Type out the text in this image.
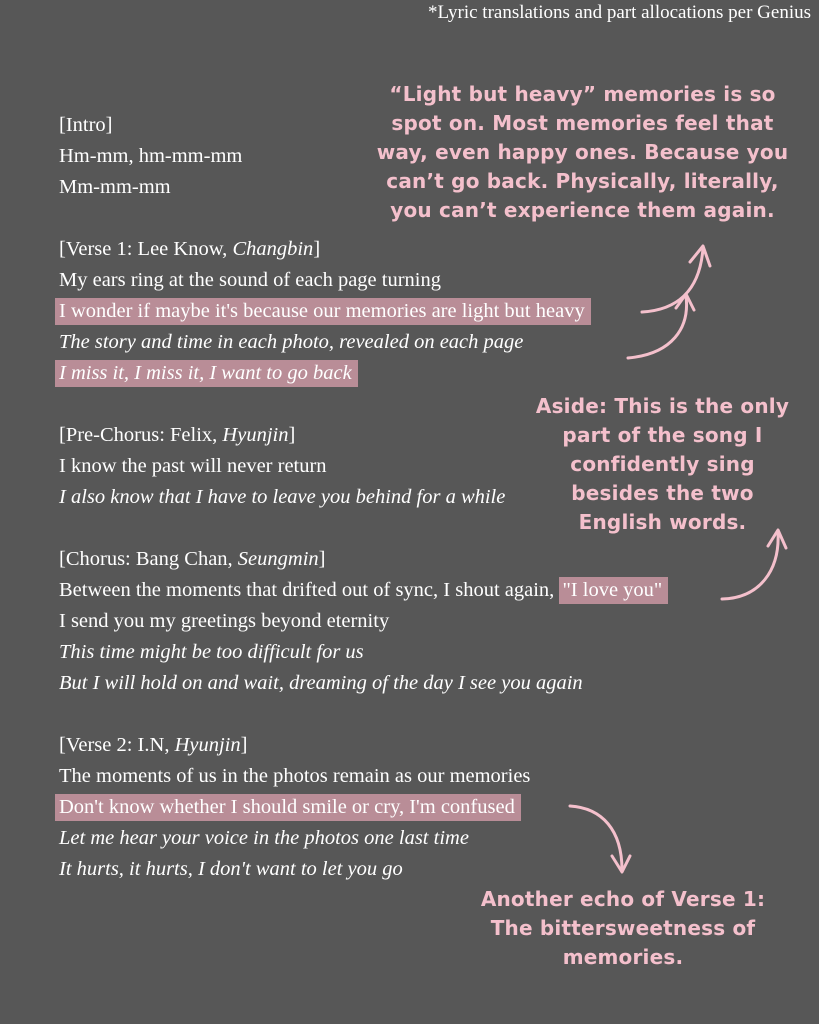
*Lyric translations and part allocations per Genius
[Intro]
Hm-mm, hm-mm-mm
Mm-mm-mm
[Verse 1: Lee Know, Changbin]
My ears ring at the sound of each page turning
I wonder if maybe it's because our memories are light but heavy
The story and time in each photo, revealed on each page
I miss it, I miss it, I want to go back
[Pre-Chorus: Felix, Hyunjin]
I know the past will never return
I also know that I have to leave you behind for a while
[Chorus: Bang Chan, Seungmin]
Between the moments that drifted out of sync, I shout again, "I love you"
I send you my greetings beyond eternity
This time might be too difficult for us
But I will hold on and wait, dreaming of the day I see you again
[Verse 2: I.N, Hyunjin]
The moments of us in the photos remain as our memories
Don't know whether I should smile or cry, I'm confused
Let me hear your voice in the photos one last time
It hurts, it hurts, I don't want to let you go
“Light but heavy” memories is so
spot on. Most memories feel that
way, even happy ones. Because you
can’t go back. Physically, literally,
you can’t experience them again.
Aside: This is the only
part of the song I
confidently sing
besides the two
English words.
Another echo of Verse 1:
The bittersweetness of
memories.
